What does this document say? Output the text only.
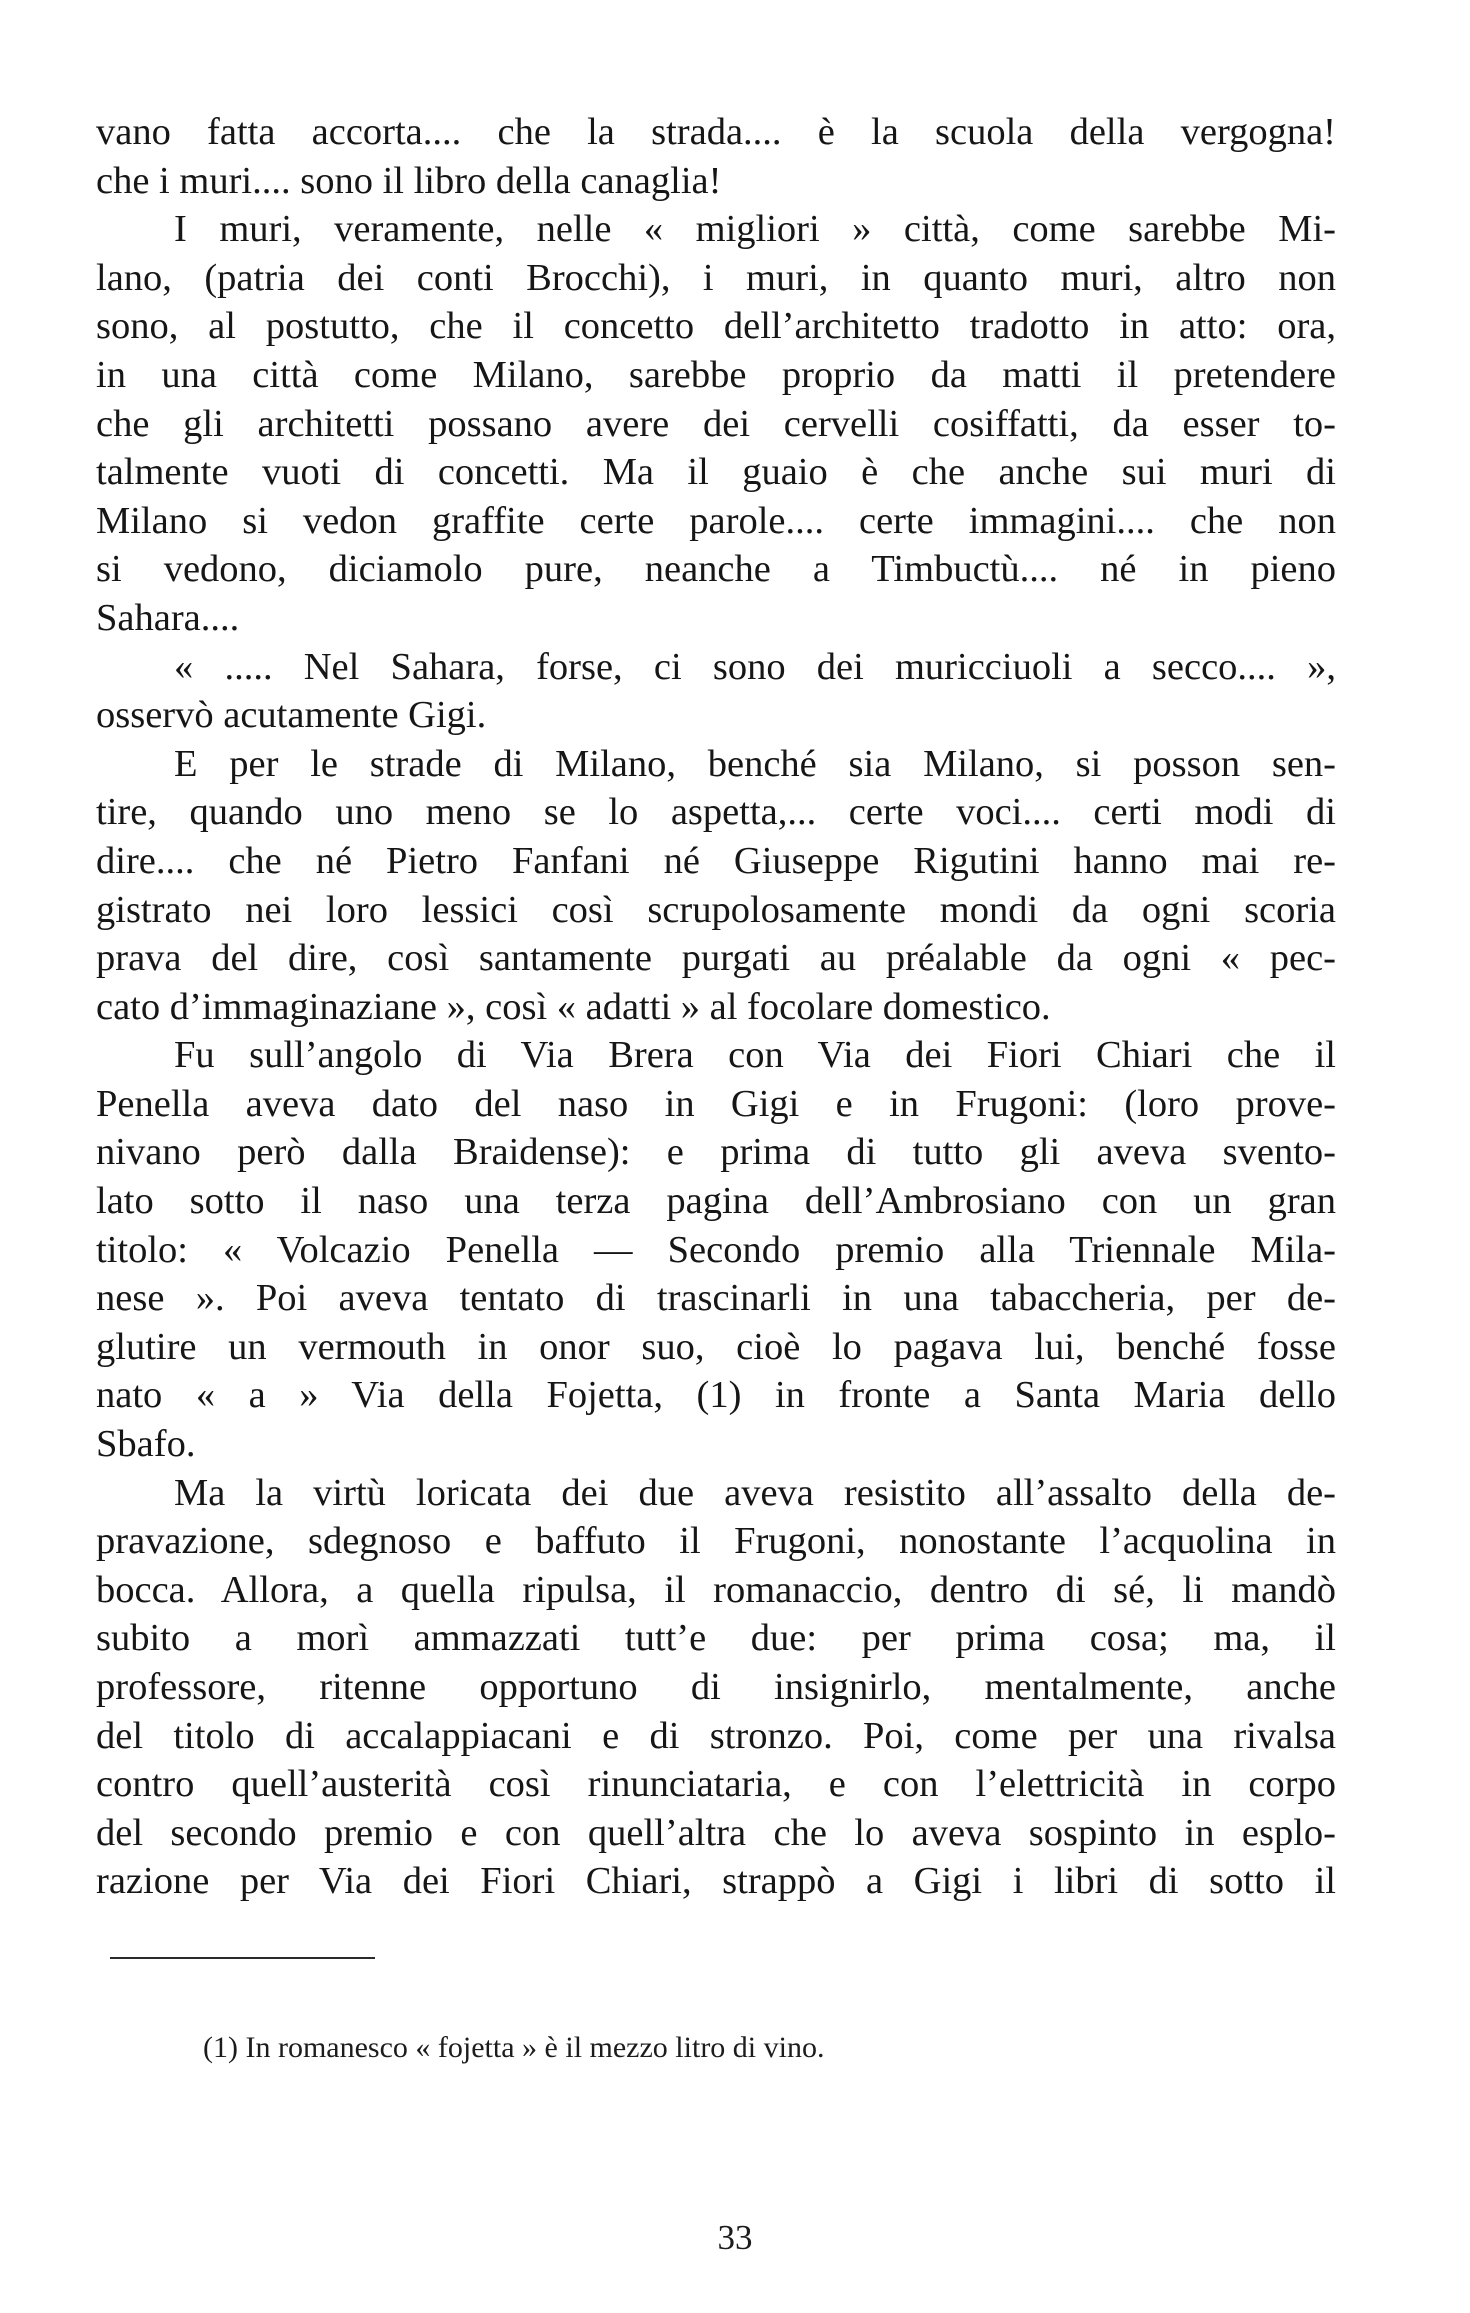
vano fatta accorta.... che la strada.... è la scuola della vergogna!
che i muri.... sono il libro della canaglia!
I muri, veramente, nelle « migliori » città, come sarebbe Mi-
lano, (patria dei conti Brocchi), i muri, in quanto muri, altro non
sono, al postutto, che il concetto dell’architetto tradotto in atto: ora,
in una città come Milano, sarebbe proprio da matti il pretendere
che gli architetti possano avere dei cervelli cosiffatti, da esser to-
talmente vuoti di concetti. Ma il guaio è che anche sui muri di
Milano si vedon graffite certe parole.... certe immagini.... che non
si vedono, diciamolo pure, neanche a Timbuctù.... né in pieno
Sahara....
« ..... Nel Sahara, forse, ci sono dei muricciuoli a secco.... »,
osservò acutamente Gigi.
E per le strade di Milano, benché sia Milano, si posson sen-
tire, quando uno meno se lo aspetta,... certe voci.... certi modi di
dire.... che né Pietro Fanfani né Giuseppe Rigutini hanno mai re-
gistrato nei loro lessici così scrupolosamente mondi da ogni scoria
prava del dire, così santamente purgati au préalable da ogni « pec-
cato d’immaginaziane », così « adatti » al focolare domestico.
Fu sull’angolo di Via Brera con Via dei Fiori Chiari che il
Penella aveva dato del naso in Gigi e in Frugoni: (loro prove-
nivano però dalla Braidense): e prima di tutto gli aveva svento-
lato sotto il naso una terza pagina dell’Ambrosiano con un gran
titolo: « Volcazio Penella — Secondo premio alla Triennale Mila-
nese ». Poi aveva tentato di trascinarli in una tabaccheria, per de-
glutire un vermouth in onor suo, cioè lo pagava lui, benché fosse
nato « a » Via della Fojetta, (1) in fronte a Santa Maria dello
Sbafo.
Ma la virtù loricata dei due aveva resistito all’assalto della de-
pravazione, sdegnoso e baffuto il Frugoni, nonostante l’acquolina in
bocca. Allora, a quella ripulsa, il romanaccio, dentro di sé, li mandò
subito a morì ammazzati tutt’e due: per prima cosa; ma, il
professore, ritenne opportuno di insignirlo, mentalmente, anche
del titolo di accalappiacani e di stronzo. Poi, come per una rivalsa
contro quell’austerità così rinunciataria, e con l’elettricità in corpo
del secondo premio e con quell’altra che lo aveva sospinto in esplo-
razione per Via dei Fiori Chiari, strappò a Gigi i libri di sotto il
(1) In romanesco « fojetta » è il mezzo litro di vino.
33
